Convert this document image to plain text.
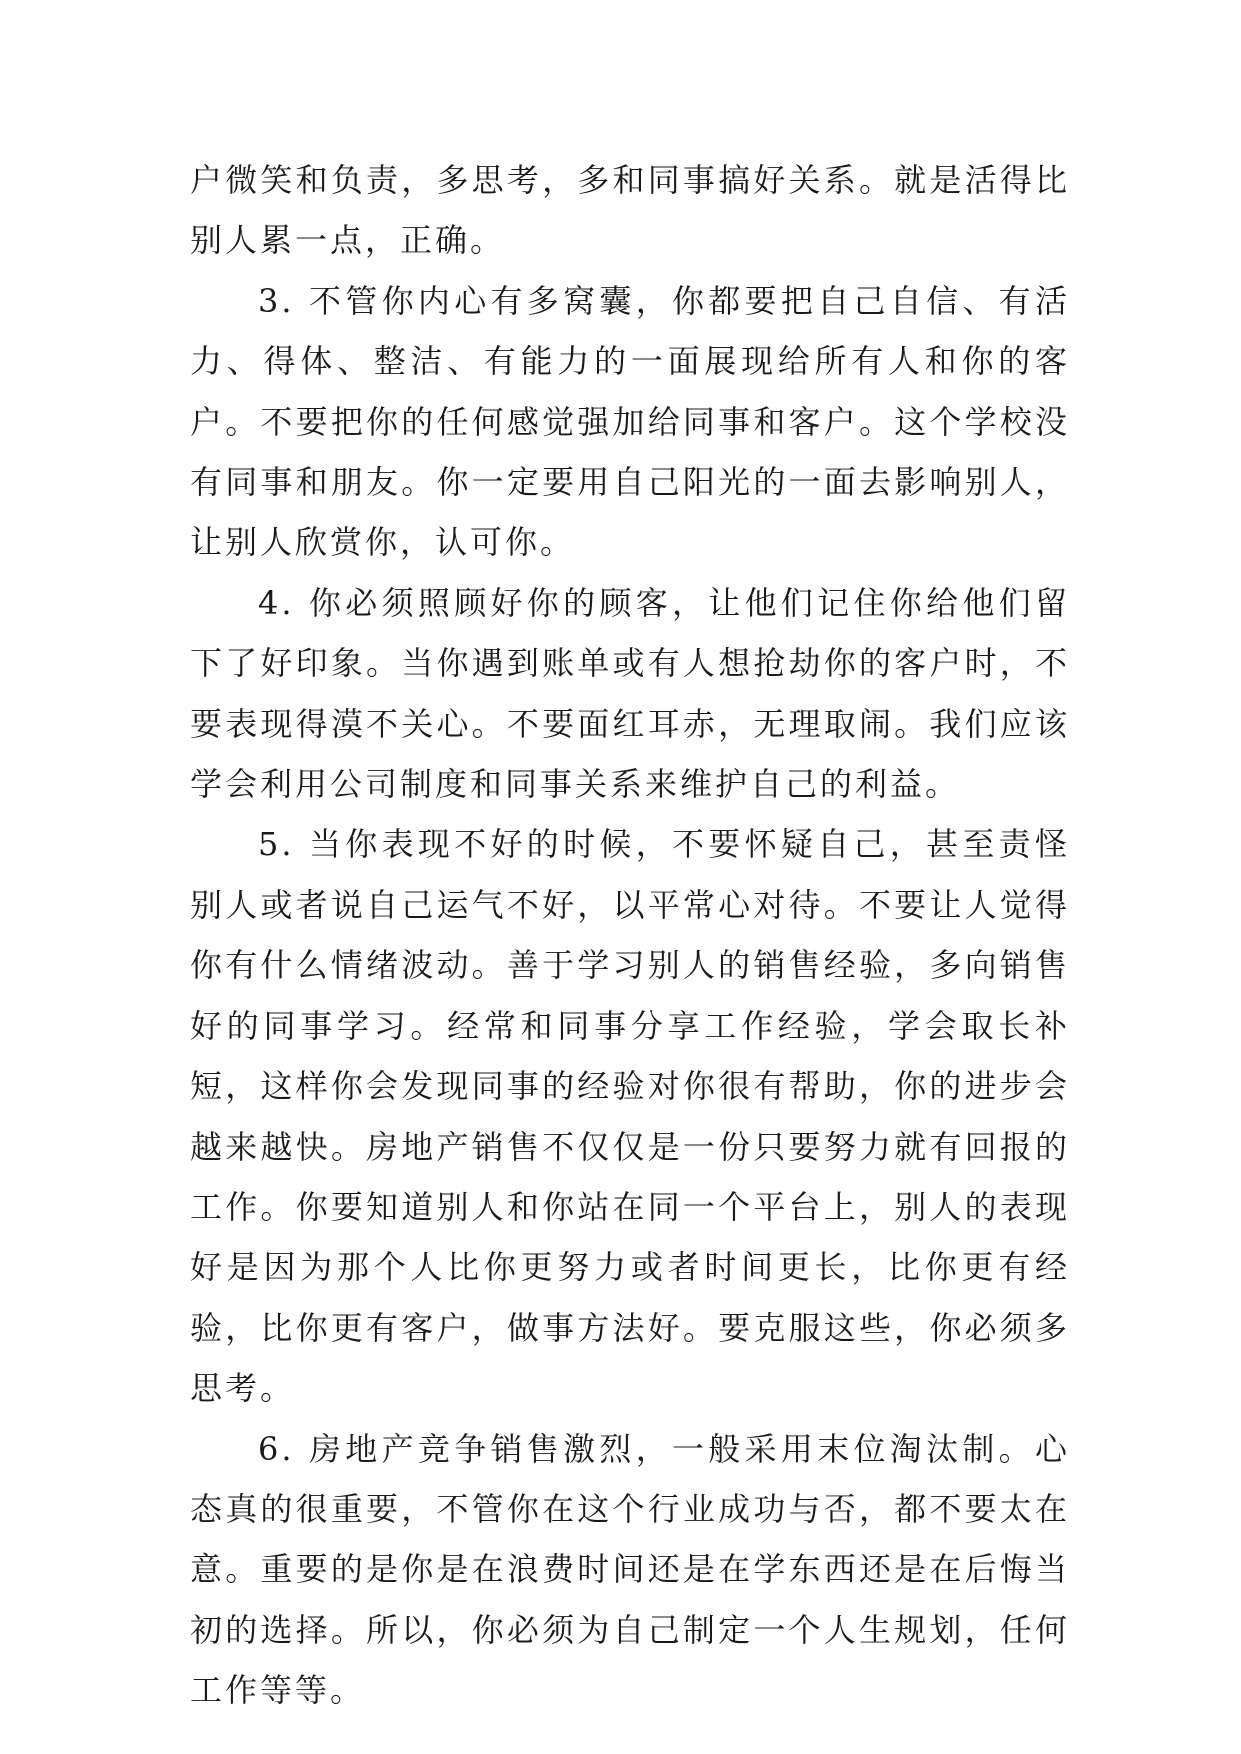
户微笑和负责，多思考，多和同事搞好关系。就是活得比别人累一点，正确。

3. 不管你内心有多窝囊，你都要把自己自信、有活力、得体、整洁、有能力的一面展现给所有人和你的客户。不要把你的任何感觉强加给同事和客户。这个学校没有同事和朋友。你一定要用自己阳光的一面去影响别人，让别人欣赏你，认可你。

4. 你必须照顾好你的顾客，让他们记住你给他们留下了好印象。当你遇到账单或有人想抢劫你的客户时，不要表现得漠不关心。不要面红耳赤，无理取闹。我们应该学会利用公司制度和同事关系来维护自己的利益。

5. 当你表现不好的时候，不要怀疑自己，甚至责怪别人或者说自己运气不好，以平常心对待。不要让人觉得你有什么情绪波动。善于学习别人的销售经验，多向销售好的同事学习。经常和同事分享工作经验，学会取长补短，这样你会发现同事的经验对你很有帮助，你的进步会越来越快。房地产销售不仅仅是一份只要努力就有回报的工作。你要知道别人和你站在同一个平台上，别人的表现好是因为那个人比你更努力或者时间更长，比你更有经验，比你更有客户，做事方法好。要克服这些，你必须多思考。

6. 房地产竞争销售激烈，一般采用末位淘汰制。心态真的很重要，不管你在这个行业成功与否，都不要太在意。重要的是你是在浪费时间还是在学东西还是在后悔当初的选择。所以，你必须为自己制定一个人生规划，任何工作等等。
